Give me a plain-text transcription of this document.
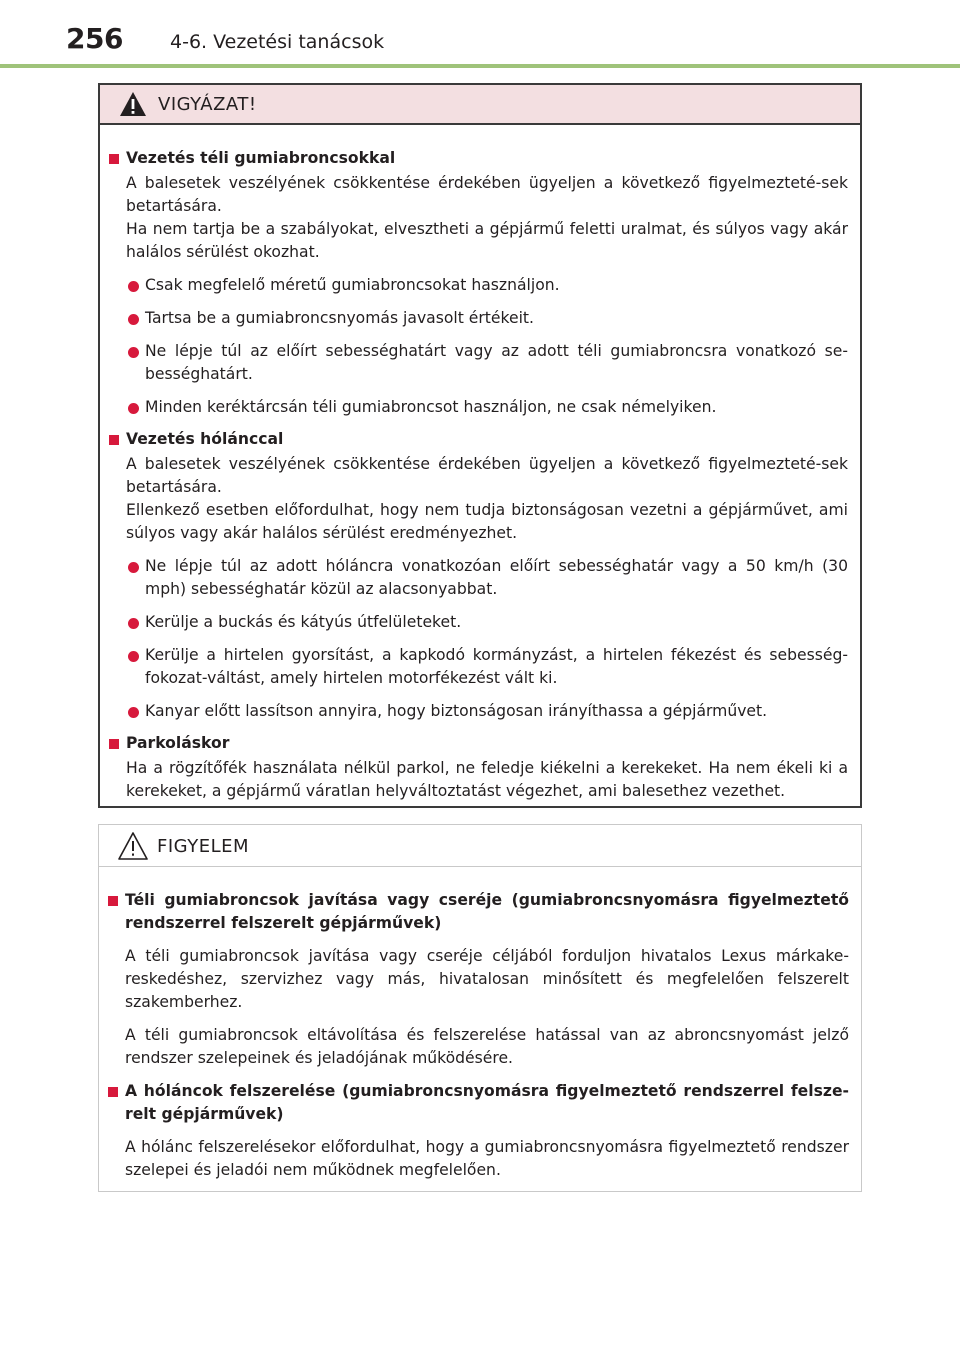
256 4-6. Vezetési tanácsok
VIGYÁZAT!
Vezetés téli gumiabroncsokkal
A balesetek veszélyének csökkentése érdekében ügyeljen a következő figyelmezteté-sek betartására.
Ha nem tartja be a szabályokat, elvesztheti a gépjármű feletti uralmat, és súlyos vagy akár halálos sérülést okozhat.
Csak megfelelő méretű gumiabroncsokat használjon.
Tartsa be a gumiabroncsnyomás javasolt értékeit.
Ne lépje túl az előírt sebességhatárt vagy az adott téli gumiabroncsra vonatkozó se-bességhatárt.
Minden keréktárcsán téli gumiabroncsot használjon, ne csak némelyiken.
Vezetés hólánccal
A balesetek veszélyének csökkentése érdekében ügyeljen a következő figyelmezteté-sek betartására.
Ellenkező esetben előfordulhat, hogy nem tudja biztonságosan vezetni a gépjárművet, ami súlyos vagy akár halálos sérülést eredményezhet.
Ne lépje túl az adott hóláncra vonatkozóan előírt sebességhatár vagy a 50 km/h (30 mph) sebességhatár közül az alacsonyabbat.
Kerülje a buckás és kátyús útfelületeket.
Kerülje a hirtelen gyorsítást, a kapkodó kormányzást, a hirtelen fékezést és sebesség-fokozat-váltást, amely hirtelen motorfékezést vált ki.
Kanyar előtt lassítson annyira, hogy biztonságosan irányíthassa a gépjárművet.
Parkoláskor
Ha a rögzítőfék használata nélkül parkol, ne feledje kiékelni a kerekeket. Ha nem ékeli ki a kerekeket, a gépjármű váratlan helyváltoztatást végezhet, ami balesethez vezethet.
FIGYELEM
Téli gumiabroncsok javítása vagy cseréje (gumiabroncsnyomásra figyelmeztető rendszerrel felszerelt gépjárművek)
A téli gumiabroncsok javítása vagy cseréje céljából forduljon hivatalos Lexus márkake-reskedéshez, szervizhez vagy más, hivatalosan minősített és megfelelően felszerelt szakemberhez.
A téli gumiabroncsok eltávolítása és felszerelése hatással van az abroncsnyomást jelző rendszer szelepeinek és jeladójának működésére.
A hóláncok felszerelése (gumiabroncsnyomásra figyelmeztető rendszerrel felsze-relt gépjárművek)
A hólánc felszerelésekor előfordulhat, hogy a gumiabroncsnyomásra figyelmeztető rendszer szelepei és jeladói nem működnek megfelelően.
